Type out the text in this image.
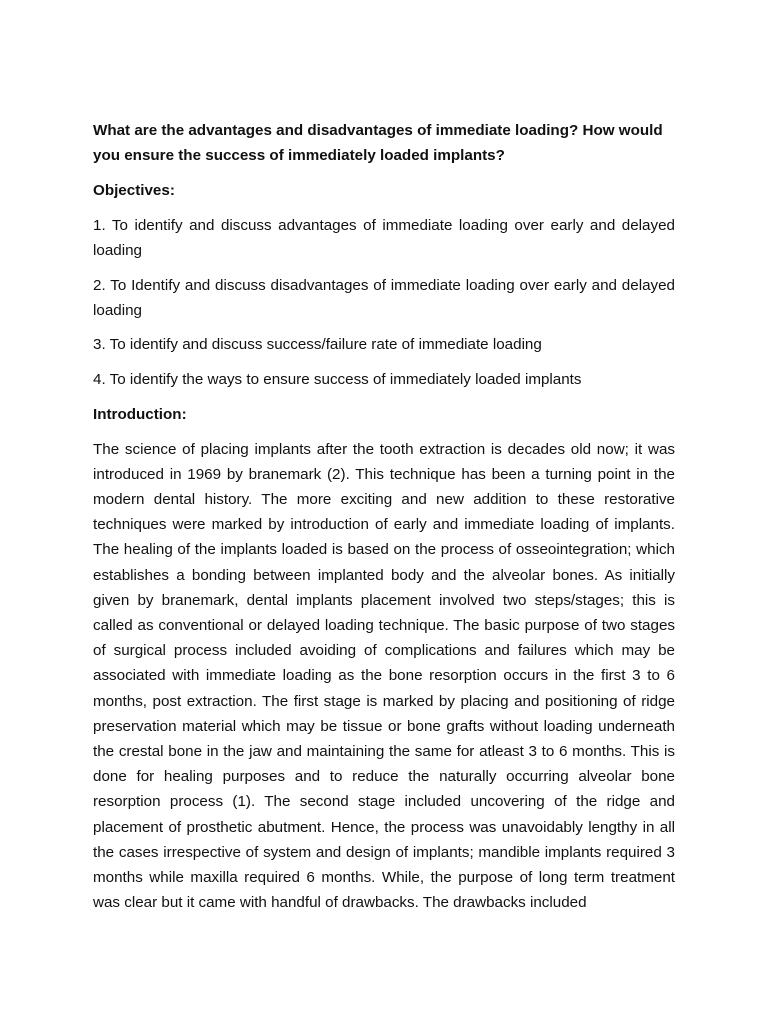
What are the advantages and disadvantages of immediate loading? How would you ensure the success of immediately loaded implants?

Objectives:

1. To identify and discuss advantages of immediate loading over early and delayed loading

2. To Identify and discuss disadvantages of immediate loading over early and delayed loading

3. To identify and discuss success/failure rate of immediate loading

4. To identify the ways to ensure success of immediately loaded implants

Introduction:

The science of placing implants after the tooth extraction is decades old now; it was introduced in 1969 by branemark (2). This technique has been a turning point in the modern dental history. The more exciting and new addition to these restorative techniques were marked by introduction of early and immediate loading of implants. The healing of the implants loaded is based on the process of osseointegration; which establishes a bonding between implanted body and the alveolar bones. As initially given by branemark, dental implants placement involved two steps/stages; this is called as conventional or delayed loading technique. The basic purpose of two stages of surgical process included avoiding of complications and failures which may be associated with immediate loading as the bone resorption occurs in the first 3 to 6 months, post extraction. The first stage is marked by placing and positioning of ridge preservation material which may be tissue or bone grafts without loading underneath the crestal bone in the jaw and maintaining the same for atleast 3 to 6 months. This is done for healing purposes and to reduce the naturally occurring alveolar bone resorption process (1). The second stage included uncovering of the ridge and placement of prosthetic abutment. Hence, the process was unavoidably lengthy in all the cases irrespective of system and design of implants; mandible implants required 3 months while maxilla required 6 months. While, the purpose of long term treatment was clear but it came with handful of drawbacks. The drawbacks included
